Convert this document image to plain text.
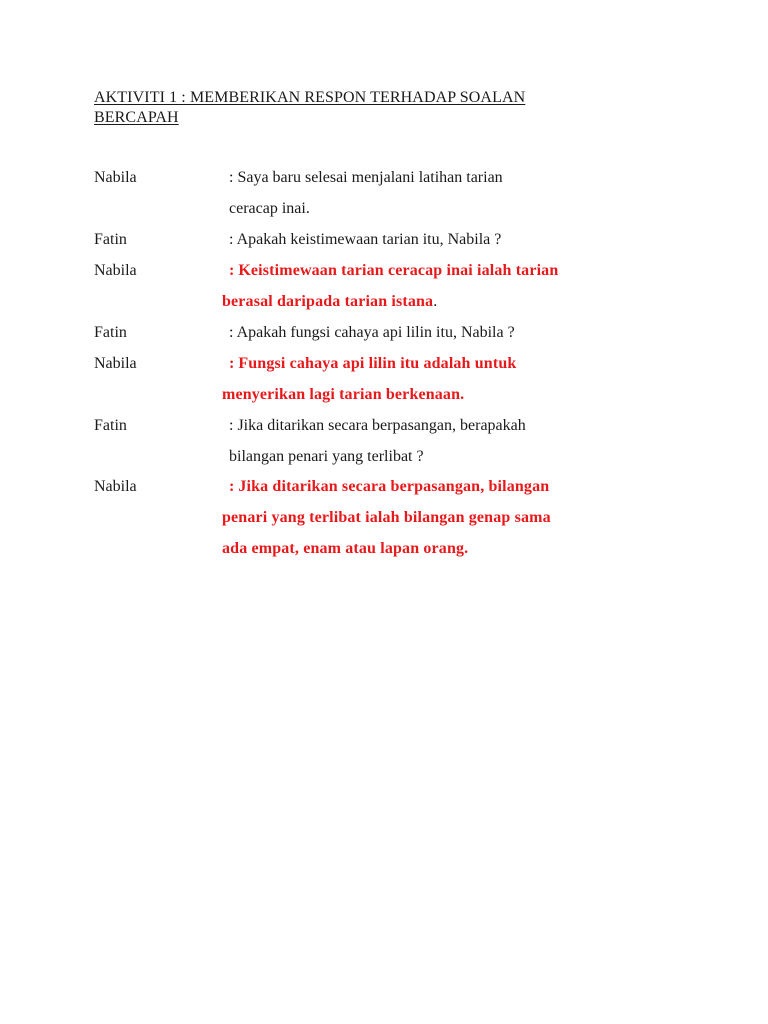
AKTIVITI 1 : MEMBERIKAN RESPON TERHADAP SOALAN
BERCAPAH
Nabila	: Saya baru selesai menjalani latihan tarian
ceracap inai.
Fatin	: Apakah keistimewaan tarian itu, Nabila ?
Nabila	: Keistimewaan tarian ceracap inai ialah tarian
berasal daripada tarian istana.
Fatin	: Apakah fungsi cahaya api lilin itu, Nabila ?
Nabila	: Fungsi cahaya api lilin itu adalah untuk
menyerikan lagi tarian berkenaan.
Fatin	: Jika ditarikan secara berpasangan, berapakah
bilangan penari yang terlibat ?
Nabila	: Jika ditarikan secara berpasangan, bilangan
penari yang terlibat ialah bilangan genap sama
ada empat, enam atau lapan orang.
